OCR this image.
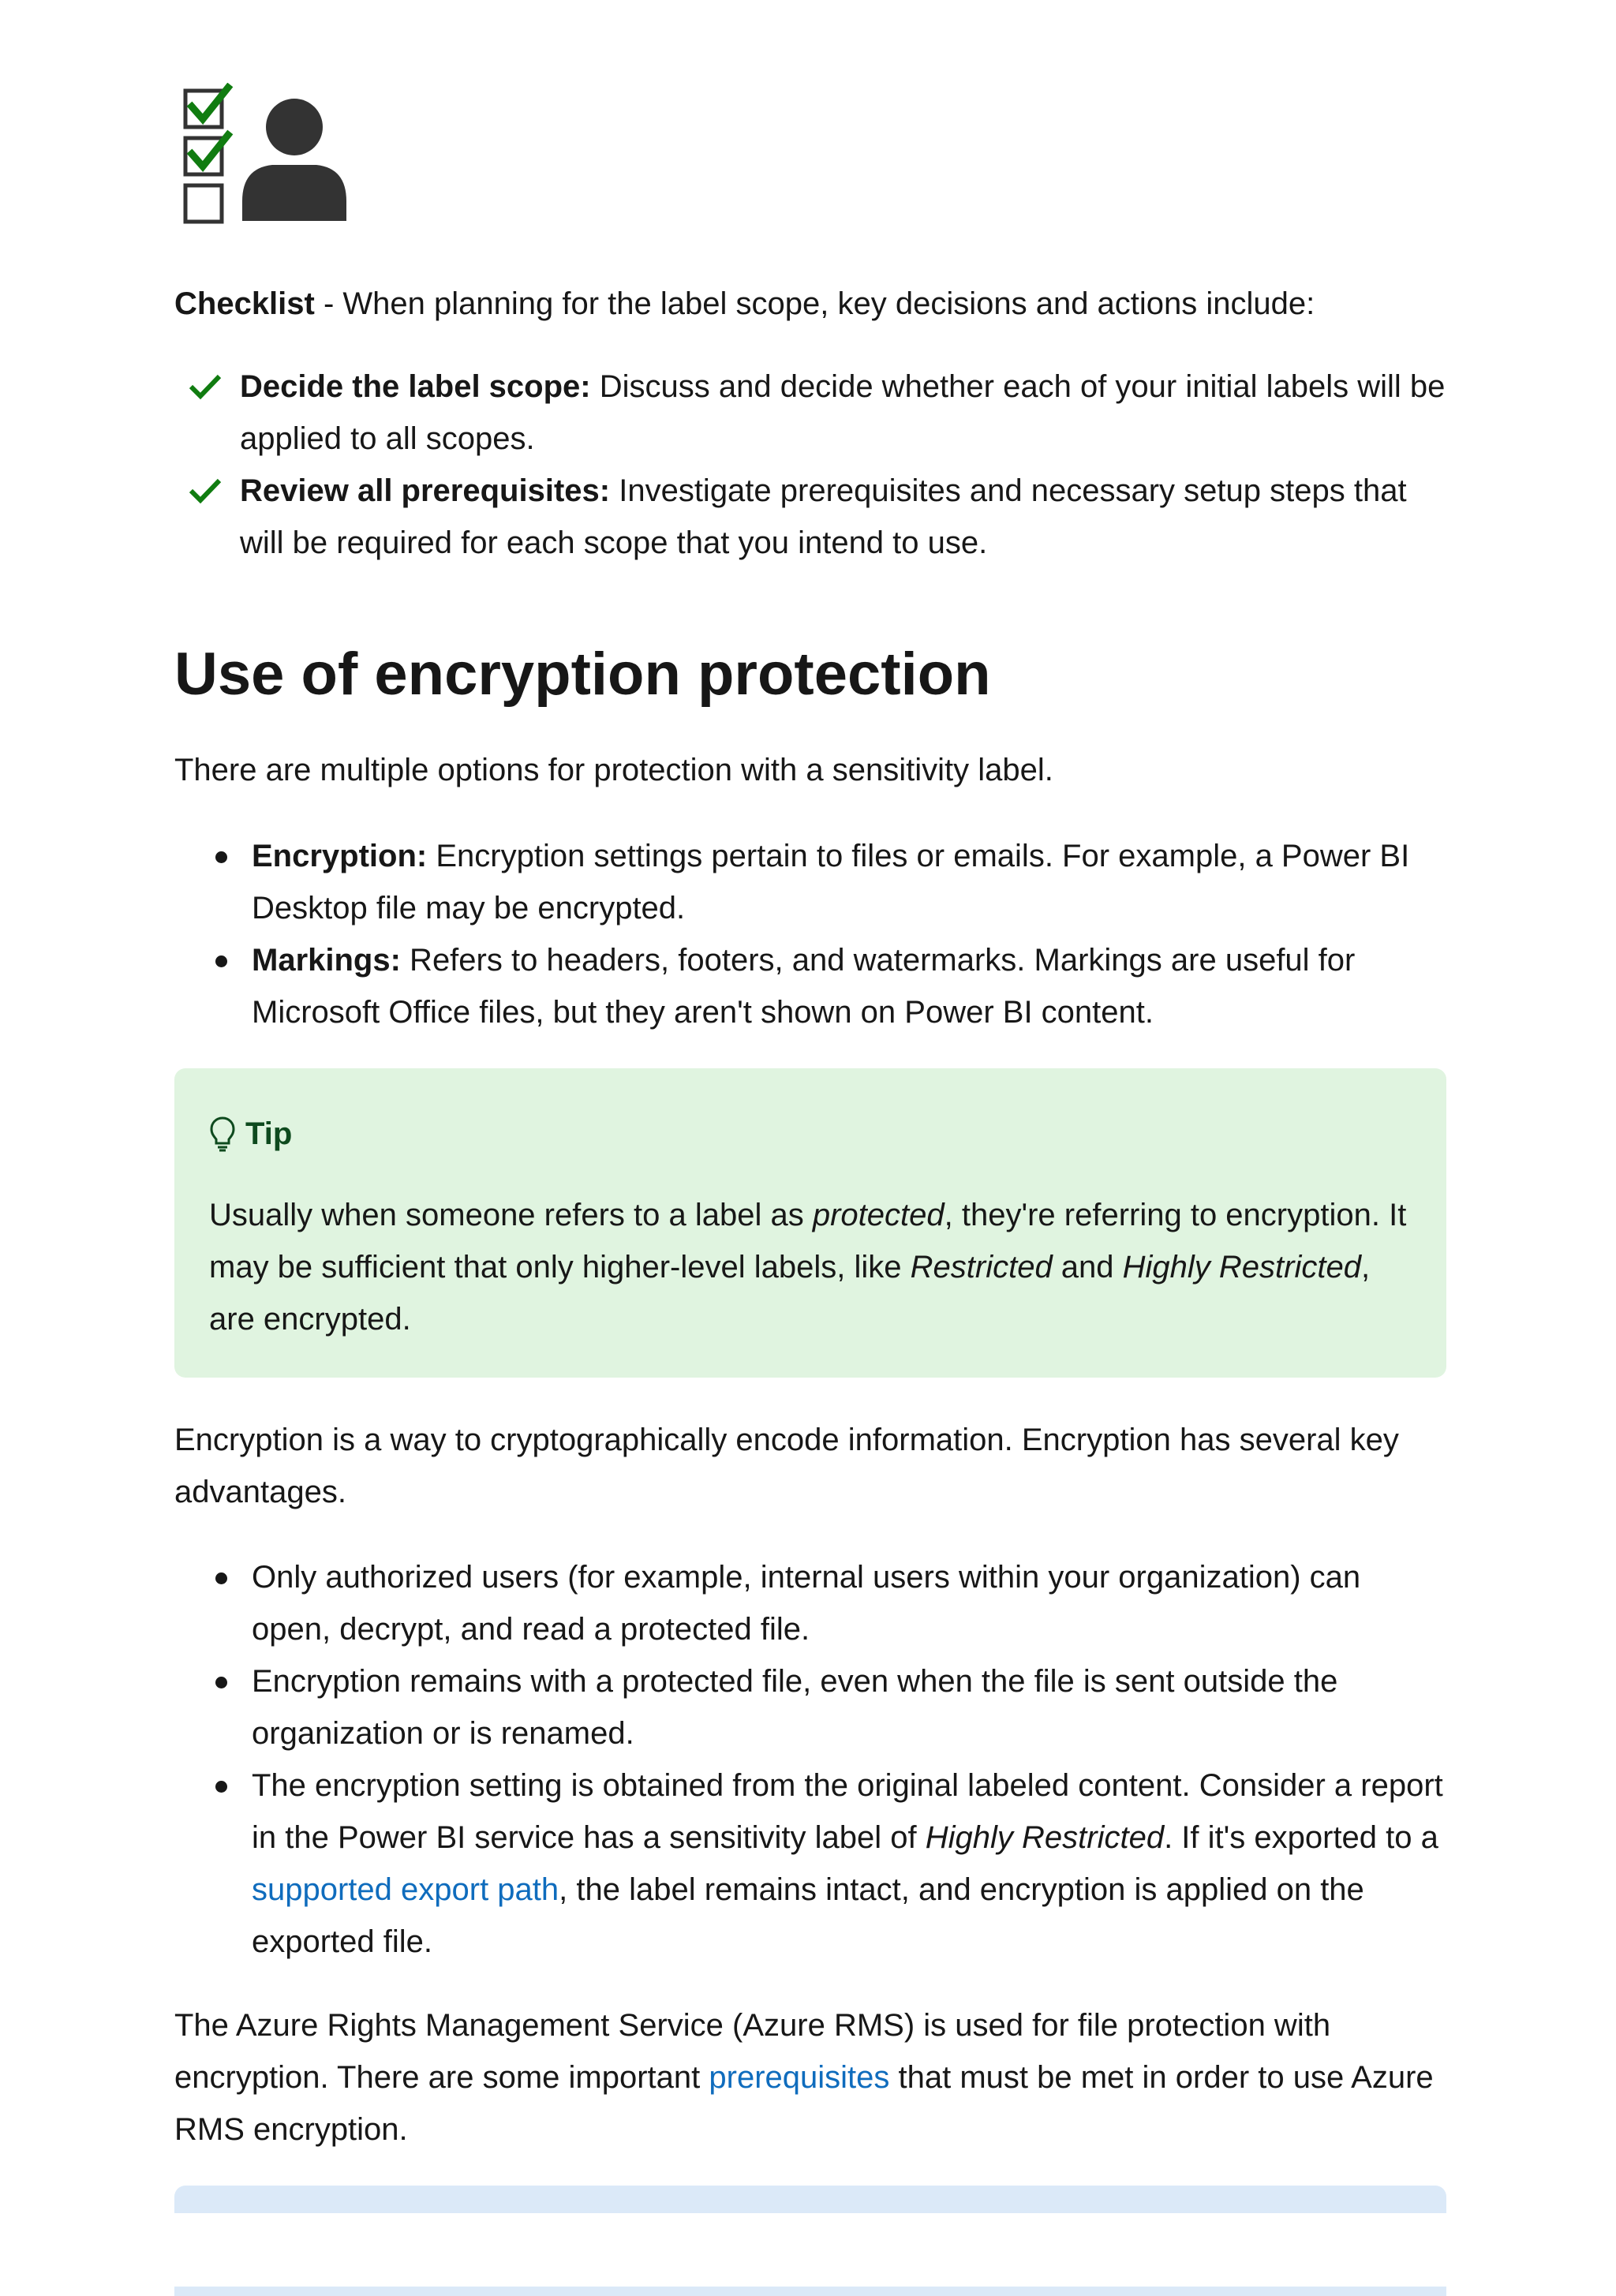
Checklist - When planning for the label scope, key decisions and actions include:

Decide the label scope: Discuss and decide whether each of your initial labels will be applied to all scopes.
Review all prerequisites: Investigate prerequisites and necessary setup steps that will be required for each scope that you intend to use.
Use of encryption protection

There are multiple options for protection with a sensitivity label.

Encryption: Encryption settings pertain to files or emails. For example, a Power BI Desktop file may be encrypted.
Markings: Refers to headers, footers, and watermarks. Markings are useful for Microsoft Office files, but they aren't shown on Power BI content.
Tip

Usually when someone refers to a label as protected, they're referring to encryption. It may be sufficient that only higher-level labels, like Restricted and Highly Restricted, are encrypted.

Encryption is a way to cryptographically encode information. Encryption has several key advantages.

Only authorized users (for example, internal users within your organization) can open, decrypt, and read a protected file.
Encryption remains with a protected file, even when the file is sent outside the organization or is renamed.
The encryption setting is obtained from the original labeled content. Consider a report in the Power BI service has a sensitivity label of Highly Restricted. If it's exported to a supported export path, the label remains intact, and encryption is applied on the exported file.

The Azure Rights Management Service (Azure RMS) is used for file protection with encryption. There are some important prerequisites that must be met in order to use Azure RMS encryption.
